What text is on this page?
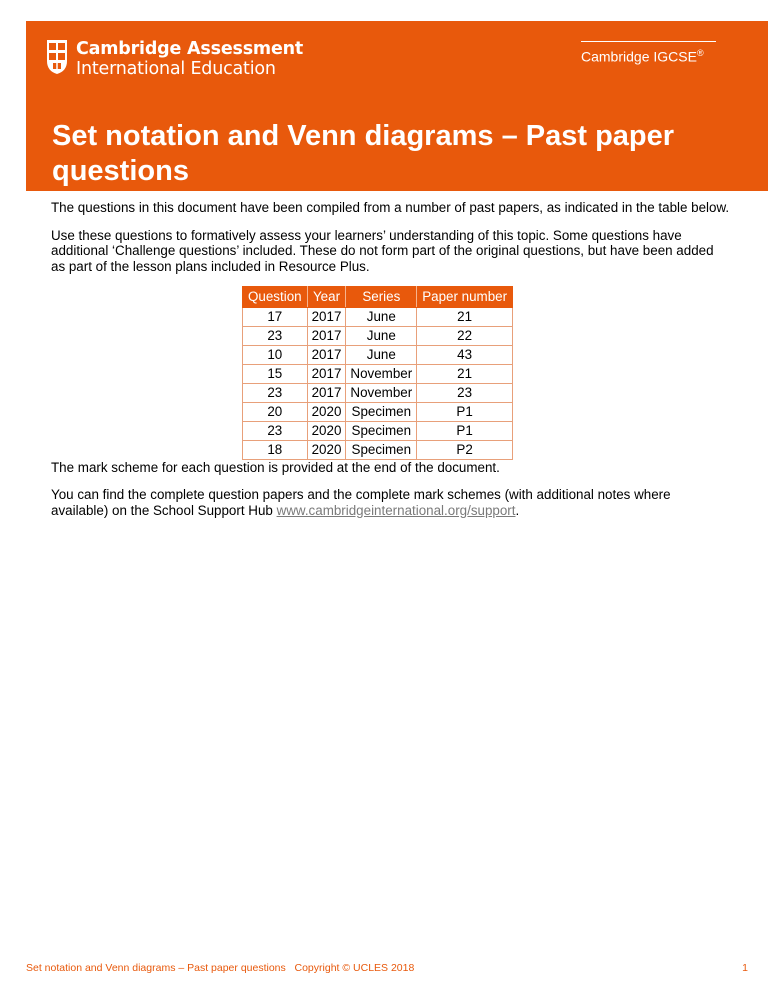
Cambridge Assessment
International Education
Cambridge IGCSE®
Set notation and Venn diagrams – Past paper questions

The questions in this document have been compiled from a number of past papers, as indicated in the table below.

Use these questions to formatively assess your learners’ understanding of this topic. Some questions have additional ‘Challenge questions’ included. These do not form part of the original questions, but have been added as part of the lesson plans included in Resource Plus.

Question	Year	Series	Paper number
17	2017	June	21
23	2017	June	22
10	2017	June	43
15	2017	November	21
23	2017	November	23
20	2020	Specimen	P1
23	2020	Specimen	P1
18	2020	Specimen	P2

The mark scheme for each question is provided at the end of the document.

You can find the complete question papers and the complete mark schemes (with additional notes where available) on the School Support Hub www.cambridgeinternational.org/support.

Set notation and Venn diagrams – Past paper questions   Copyright © UCLES 2018	1
